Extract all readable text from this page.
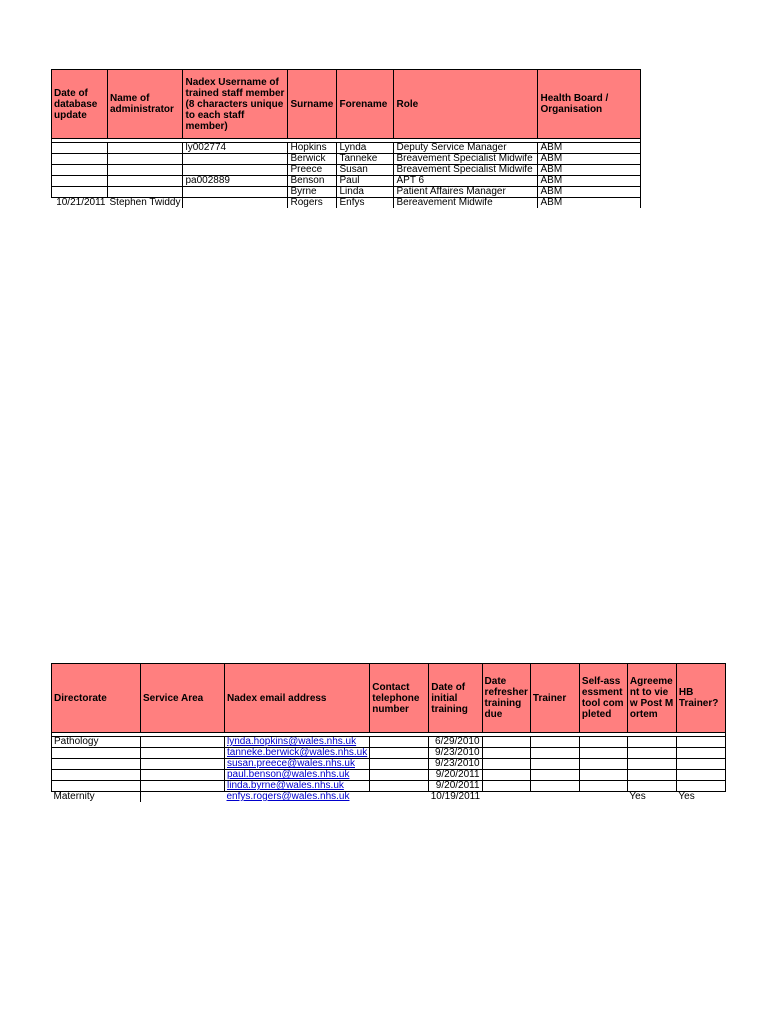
Date of database update	Name of administrator	Nadex Username of trained staff member (8 characters unique to each staff member)	Surname	Forename	Role	Health Board / Organisation

		ly002774	Hopkins	Lynda	Deputy Service Manager	ABM
			Berwick	Tanneke	Breavement Specialist Midwife	ABM
			Preece	Susan	Breavement Specialist Midwife	ABM
		pa002889	Benson	Paul	APT 6	ABM
			Byrne	Linda	Patient Affaires Manager	ABM
10/21/2011	Stephen Twiddy		Rogers	Enfys	Bereavement Midwife	ABM
Directorate	Service Area	Nadex email address	Contact telephone number	Date of initial training	Date refresher training due	Trainer	Self-assessment tool completed	Agreement to view Post Mortem	HB Trainer?

Pathology		lynda.hopkins@wales.nhs.uk		6/29/2010					
		tanneke.berwick@wales.nhs.uk		9/23/2010					
		susan.preece@wales.nhs.uk		9/23/2010					
		paul.benson@wales.nhs.uk		9/20/2011					
		linda.byrne@wales.nhs.uk		9/20/2011					
Maternity		enfys.rogers@wales.nhs.uk		10/19/2011				Yes	Yes
